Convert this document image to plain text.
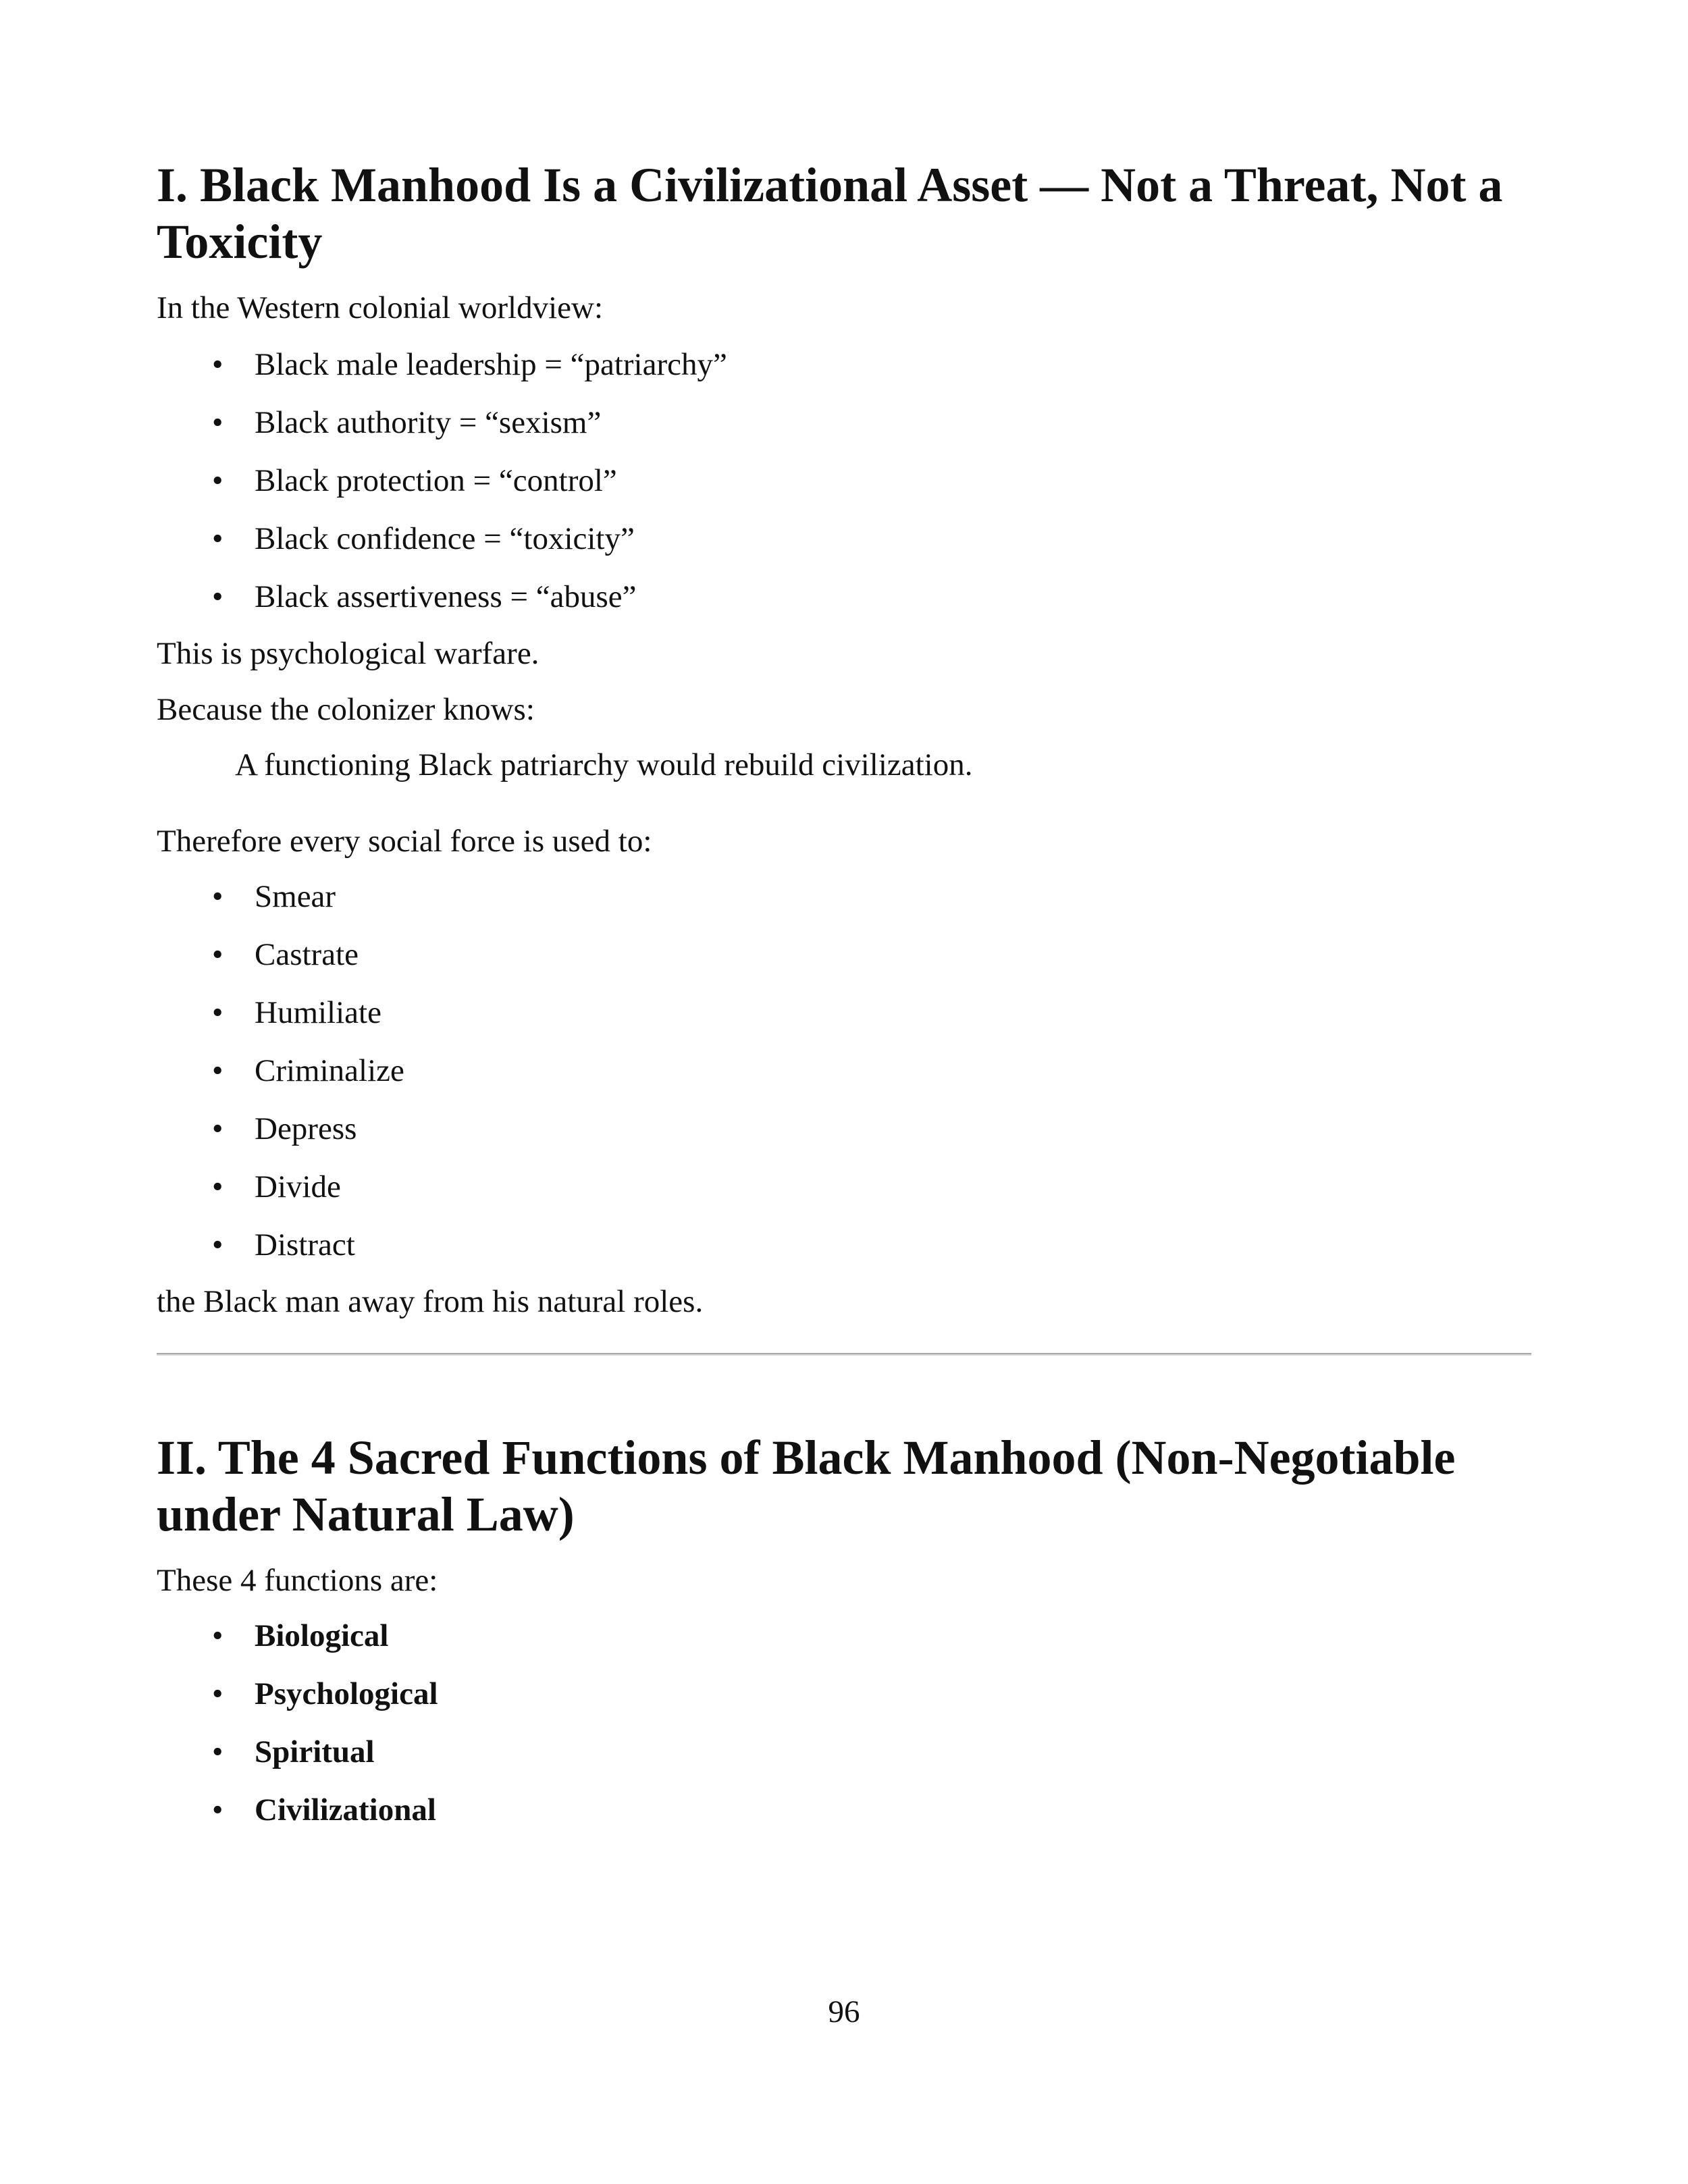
I. Black Manhood Is a Civilizational Asset — Not a Threat, Not a Toxicity

In the Western colonial worldview:

• Black male leadership = “patriarchy”
• Black authority = “sexism”
• Black protection = “control”
• Black confidence = “toxicity”
• Black assertiveness = “abuse”

This is psychological warfare.

Because the colonizer knows:

A functioning Black patriarchy would rebuild civilization.

Therefore every social force is used to:

• Smear
• Castrate
• Humiliate
• Criminalize
• Depress
• Divide
• Distract

the Black man away from his natural roles.

II. The 4 Sacred Functions of Black Manhood (Non-Negotiable under Natural Law)

These 4 functions are:

• Biological
• Psychological
• Spiritual
• Civilizational
96
